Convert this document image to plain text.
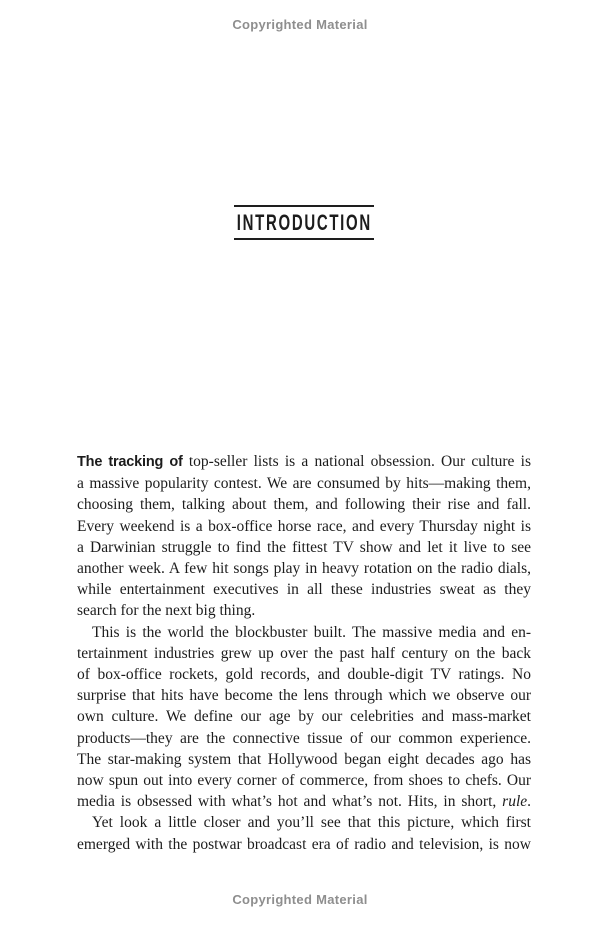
Copyrighted Material
INTRODUCTION
The tracking of top-seller lists is a national obsession. Our culture is
a massive popularity contest. We are consumed by hits—making them,
choosing them, talking about them, and following their rise and fall.
Every weekend is a box-office horse race, and every Thursday night is
a Darwinian struggle to find the fittest TV show and let it live to see
another week. A few hit songs play in heavy rotation on the radio dials,
while entertainment executives in all these industries sweat as they
search for the next big thing.
This is the world the blockbuster built. The massive media and en-
tertainment industries grew up over the past half century on the back
of box-office rockets, gold records, and double-digit TV ratings. No
surprise that hits have become the lens through which we observe our
own culture. We define our age by our celebrities and mass-market
products—they are the connective tissue of our common experience.
The star-making system that Hollywood began eight decades ago has
now spun out into every corner of commerce, from shoes to chefs. Our
media is obsessed with what’s hot and what’s not. Hits, in short, rule.
Yet look a little closer and you’ll see that this picture, which first
emerged with the postwar broadcast era of radio and television, is now
Copyrighted Material
